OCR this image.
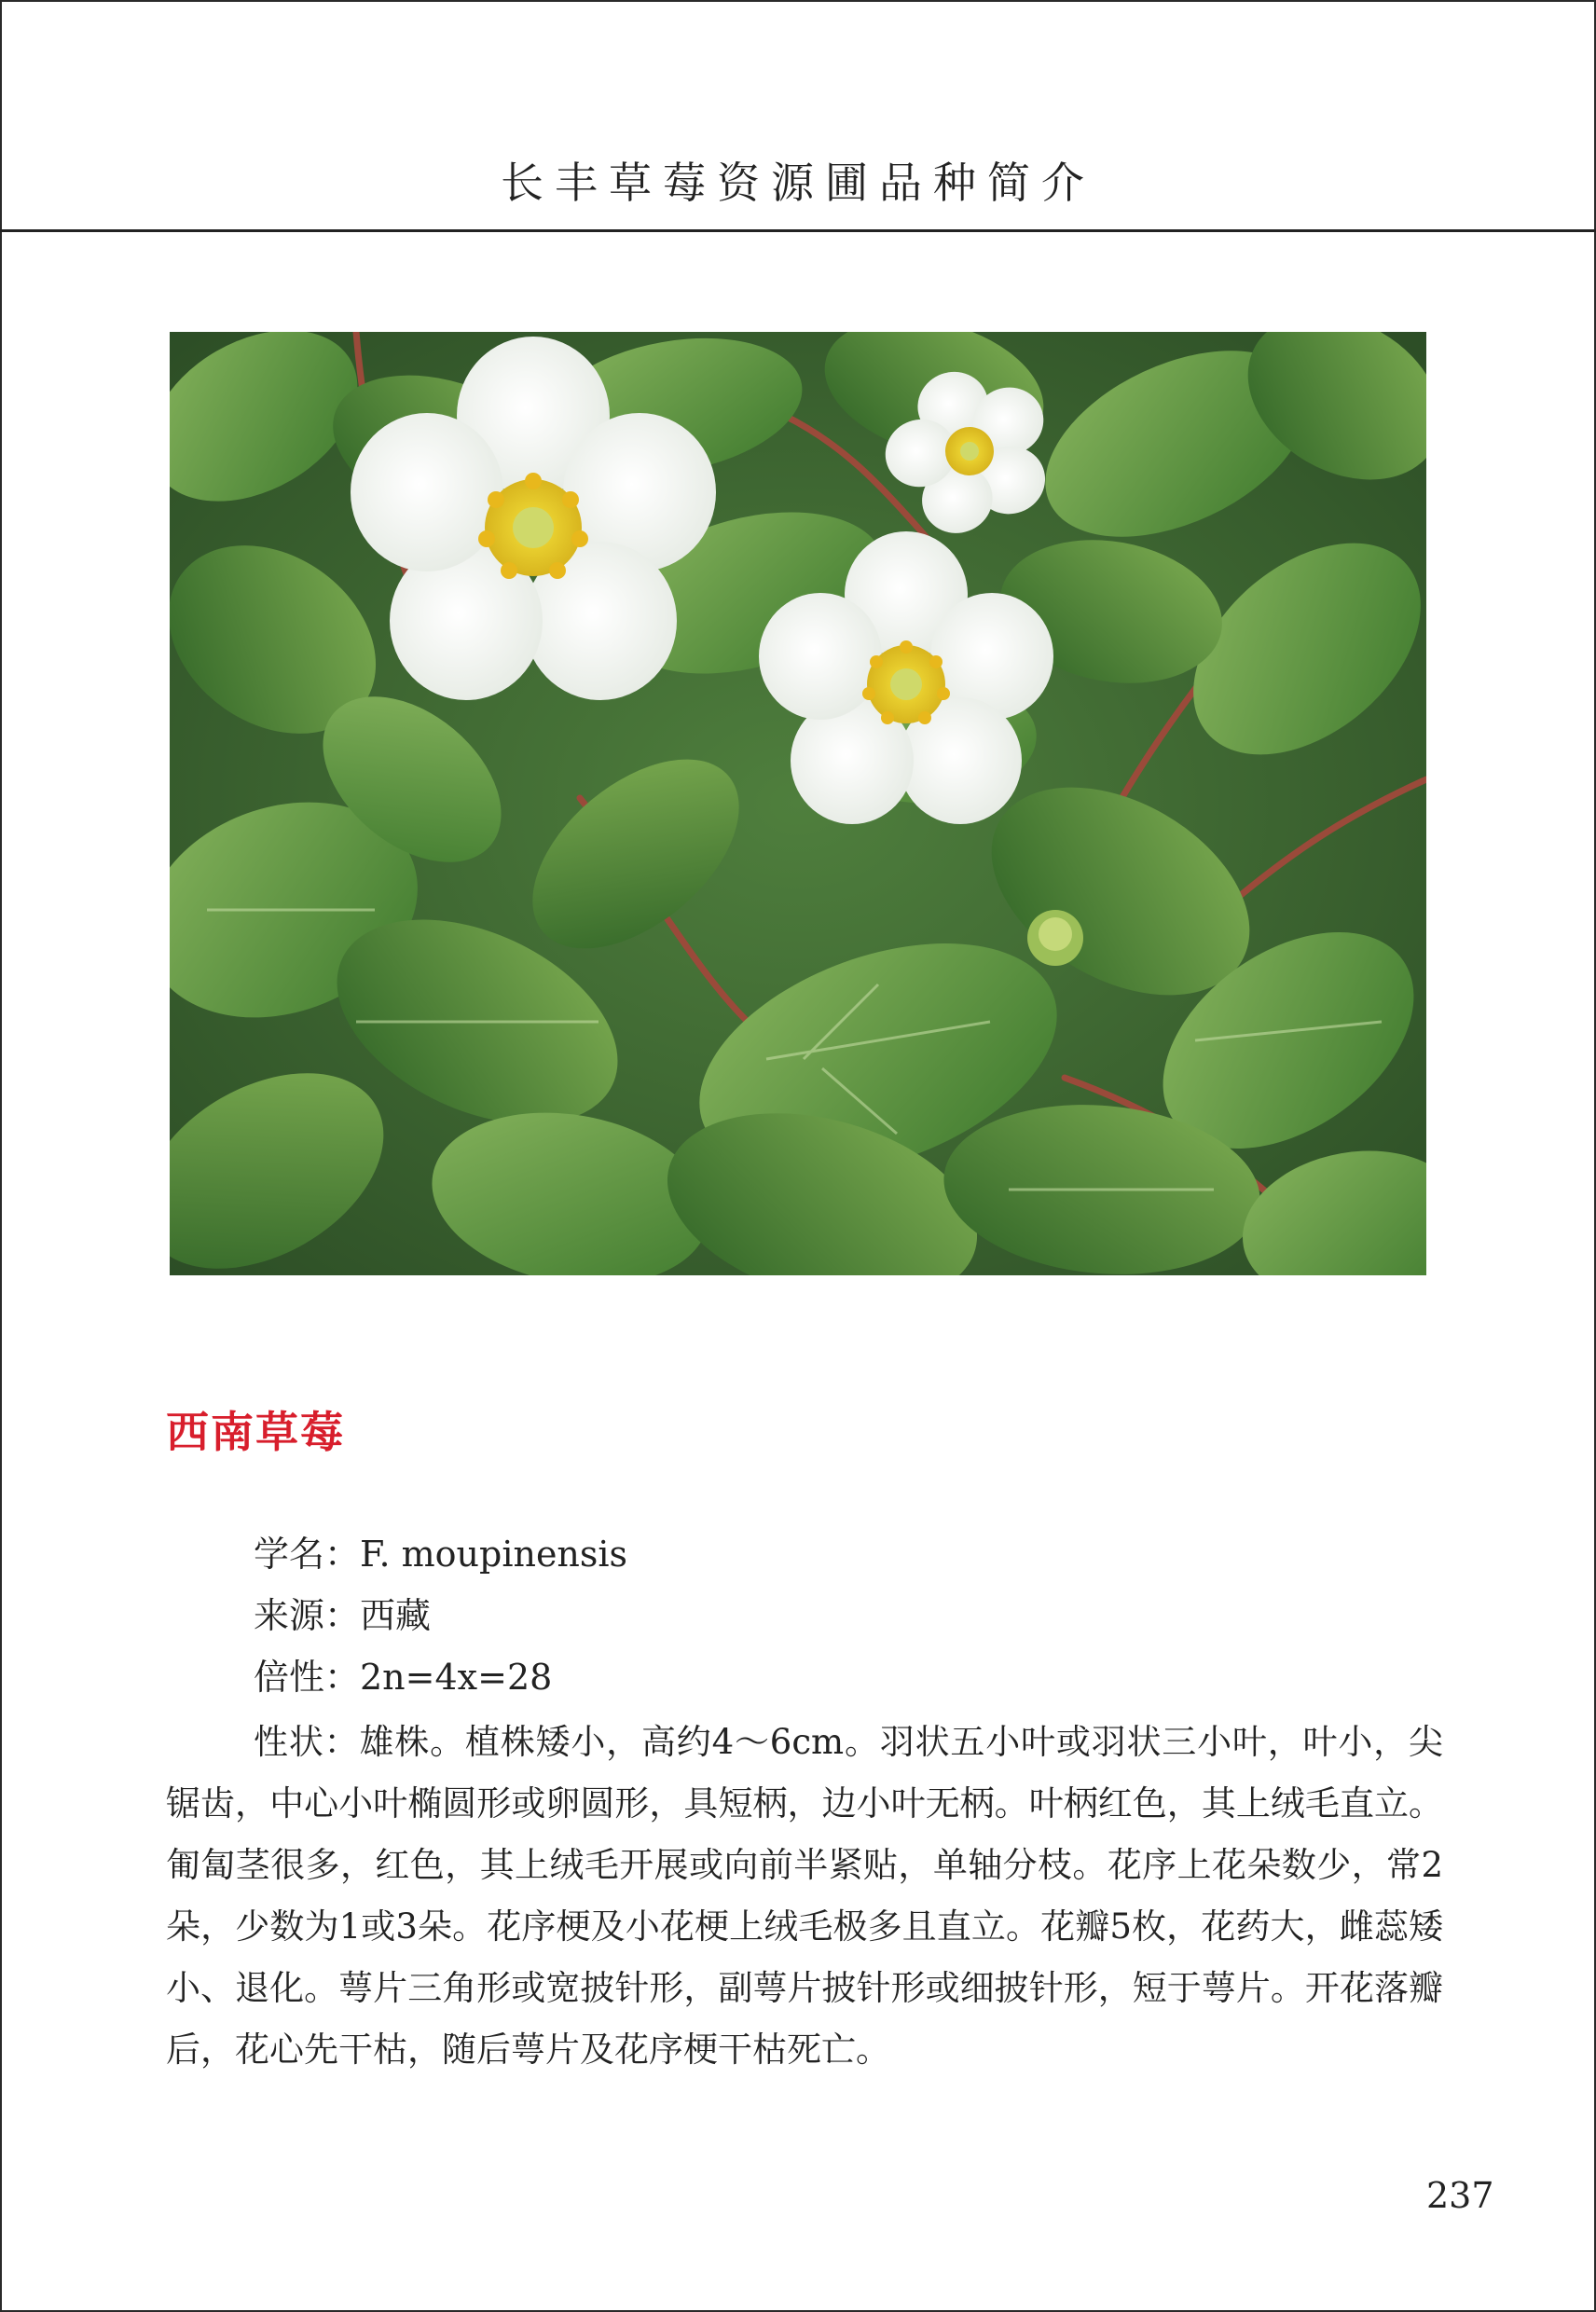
长丰草莓资源圃品种简介
西南草莓
学名：F. moupinensis
来源：西藏
倍性：2n=4x=28

性状：雄株。植株矮小，高约4～6cm。羽状五小叶或羽状三小叶，叶小，尖锯齿，中心小叶椭圆形或卵圆形，具短柄，边小叶无柄。叶柄红色，其上绒毛直立。匍匐茎很多，红色，其上绒毛开展或向前半紧贴，单轴分枝。花序上花朵数少，常2朵，少数为1或3朵。花序梗及小花梗上绒毛极多且直立。花瓣5枚，花药大，雌蕊矮小、退化。萼片三角形或宽披针形，副萼片披针形或细披针形，短于萼片。开花落瓣后，花心先干枯，随后萼片及花序梗干枯死亡。

237
